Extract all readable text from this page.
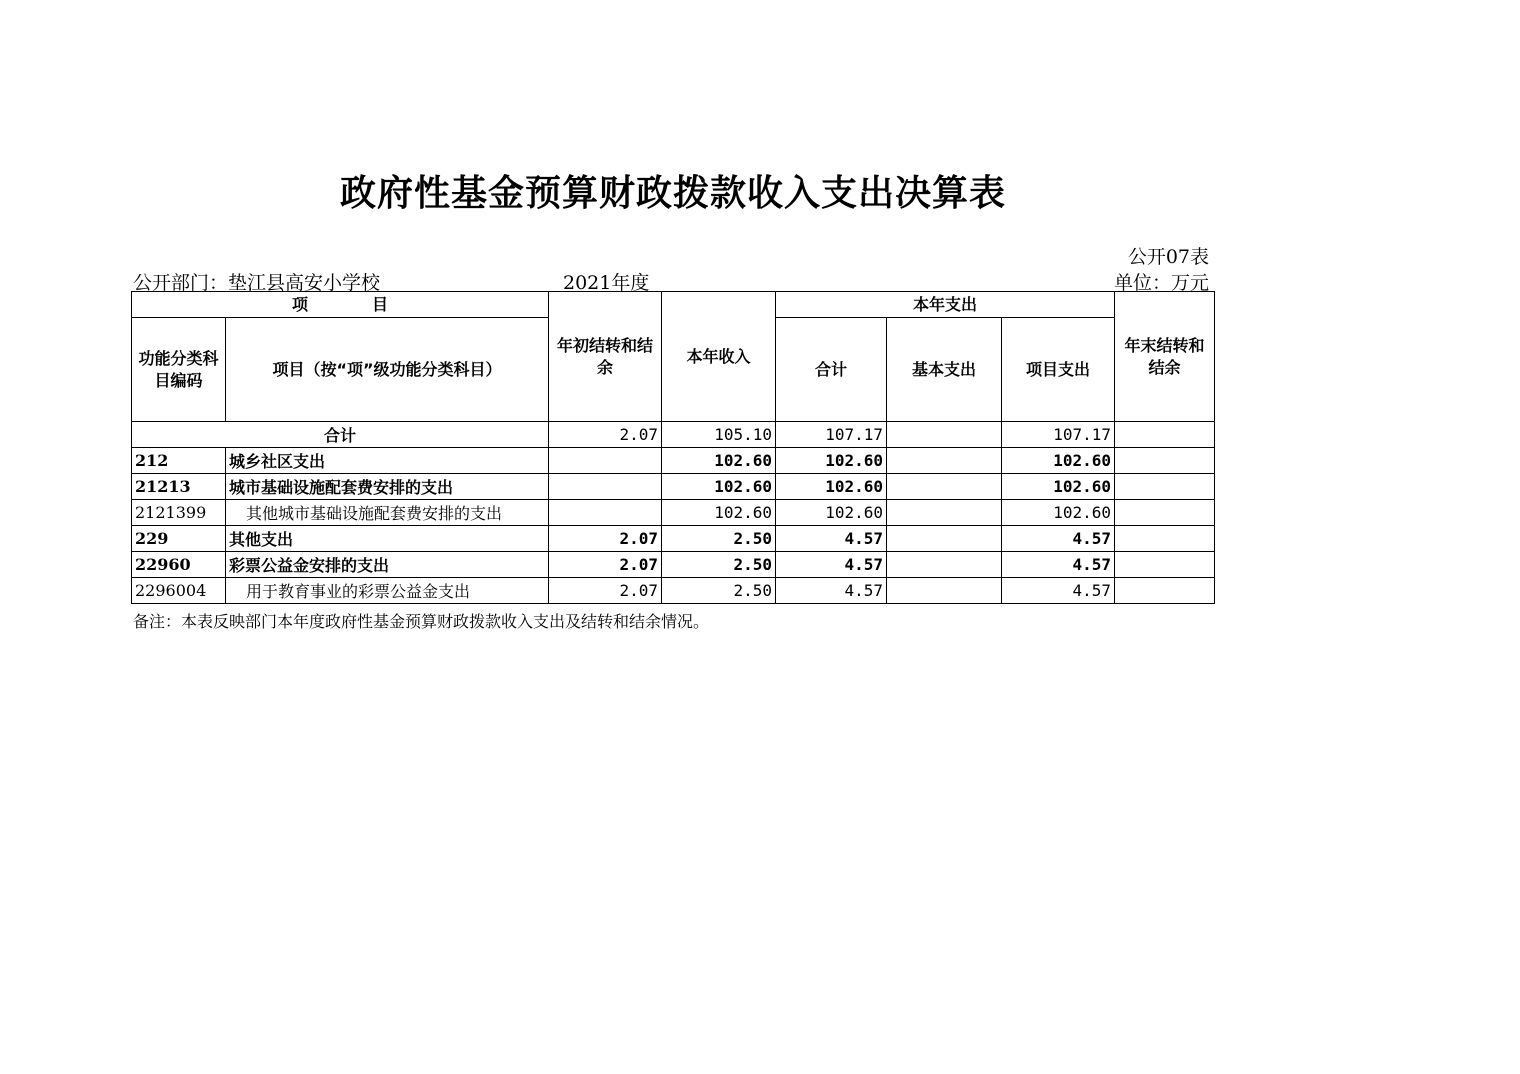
政府性基金预算财政拨款收入支出决算表
公开07表
公开部门：垫江县高安小学校	2021年度	单位：万元
项　　　　目		年初结转和结余	本年收入	本年支出			年末结转和结余
功能分类科目编码	项目（按“项”级功能分类科目）			合计	基本支出	项目支出	
合计		2.07	105.10	107.17		107.17	
212	城乡社区支出		102.60	102.60		102.60	
21213	城市基础设施配套费安排的支出		102.60	102.60		102.60	
2121399	其他城市基础设施配套费安排的支出		102.60	102.60		102.60	
229	其他支出	2.07	2.50	4.57		4.57	
22960	彩票公益金安排的支出	2.07	2.50	4.57		4.57	
2296004	用于教育事业的彩票公益金支出	2.07	2.50	4.57		4.57	
备注：本表反映部门本年度政府性基金预算财政拨款收入支出及结转和结余情况。
